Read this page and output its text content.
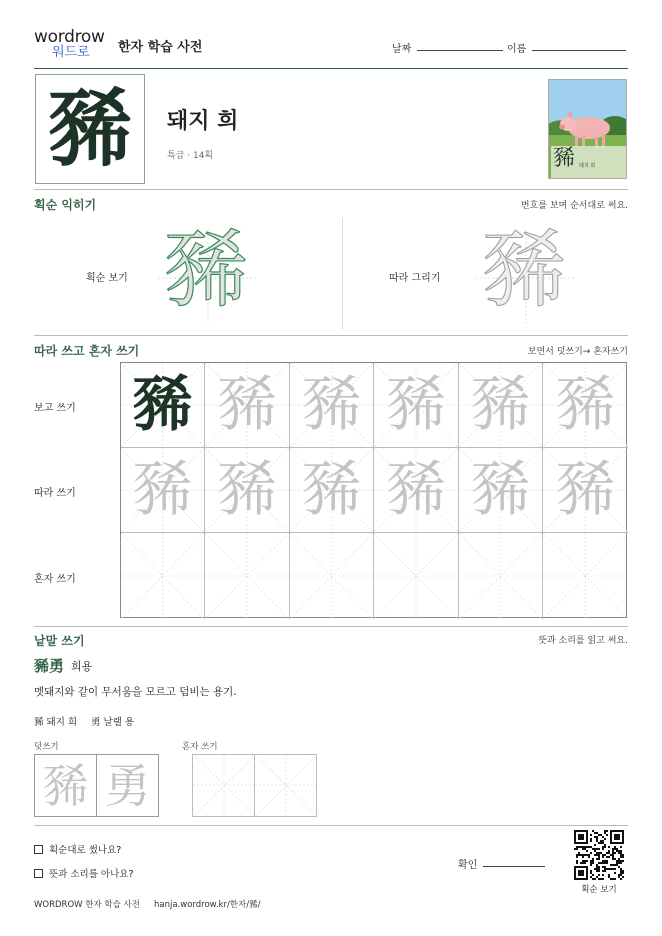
wordrow
워드로	한자 학습 사전	날짜	이름
豨 돼지 희
특급 · 14획	豨 돼지 희
획순 익히기	번호를 보며 순서대로 써요.
획순 보기 豨	따라 그리기 豨
따라 쓰고 혼자 쓰기	보면서 덧쓰기→ 혼자쓰기
보고 쓰기
따라 쓰기
혼자 쓰기
豨 豨 豨 豨 豨 豨
豨 豨 豨 豨 豨 豨
낱말 쓰기	뜻과 소리를 읽고 써요.
豨勇 희용
멧돼지와 같이 무서움을 모르고 덤비는 용기.
豨 돼지 희 勇 날랠 용
덧쓰기	혼자 쓰기
豨 勇
획순대로 썼나요?
뜻과 소리를 아나요?
확인
획순 보기
WORDROW 한자 학습 사전 hanja.wordrow.kr/한자/豨/
